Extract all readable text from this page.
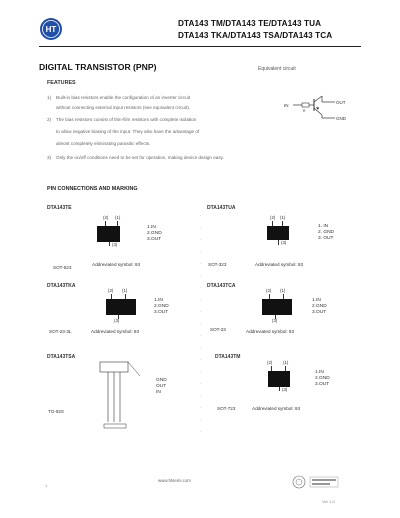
HT
DTA143 TM/DTA143 TE/DTA143 TUA
DTA143 TKA/DTA143 TSA/DTA143 TCA
DIGITAL TRANSISTOR (PNP)	Equivalent circuit
IN
R
OUT
GND
FEATURES
1) Built-in bias resistors enable the configuration of an inverter circuit
without connecting external input resistors (see equivalent circuit).
2) The bias resistors consist of thin-film resistors with complete isolation
to allow negative biasing of the input. They also have the advantage of
almost completely eliminating parasitic effects.
3) Only the on/off conditions need to be set for operation, making device design easy.
PIN CONNECTIONS AND MARKING
·
·
·
·
·
·
·
·
·
·
·
·
·
·
·
·
·
·
·
DTA143TE
(2) (1)
(3)
1.IN
2.GND
3.OUT
SOT-523
Addreviated symbol: 93
DTA143TUA
(2) (1)
(3)
1. IN
2. GND
3. OUT
SOT-323	Addreviated symbol: 93
DTA143TKA
(2) (1)
(3)
1.IN
2.GND
3.OUT
SOT-23-3L	Addreviated symbol: 93
DTA143TCA
(2) (1)
(3)
1.IN
2.GND
3.OUT
SOT-23	Addreviated symbol: 93
DTA143TSA
GND
OUT
IN
TO-92S
DTA143TM
(2) (1)
(3)
1.IN
2.GND
3.OUT
SOT-723	Addreviated symbol: 93
1
www.htsemi.com
Ver 1.0
